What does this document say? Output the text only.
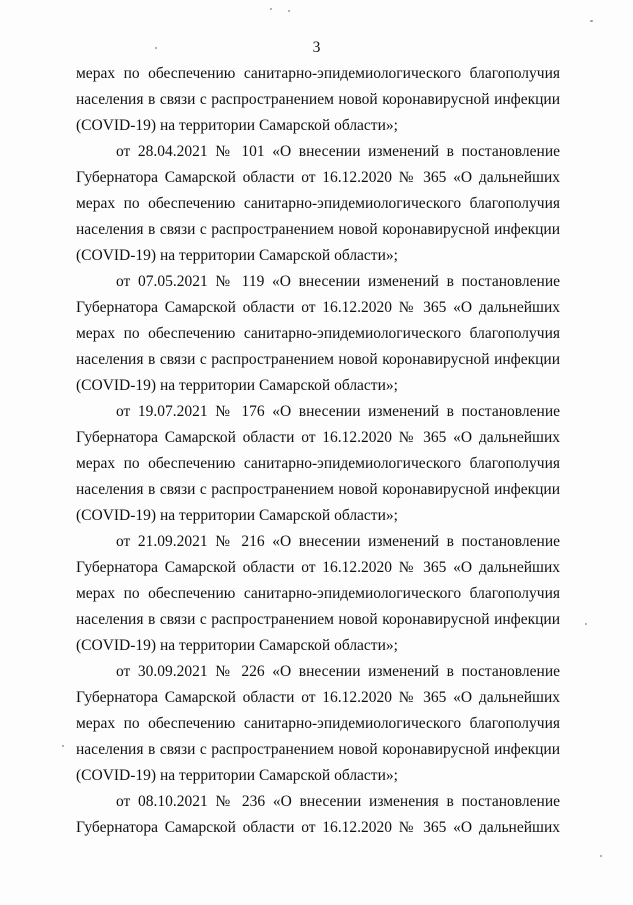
3
мерах по обеспечению санитарно-эпидемиологического благополучия
населения в связи с распространением новой коронавирусной инфекции
(COVID-19) на территории Самарской области»;
от 28.04.2021 № 101 «О внесении изменений в постановление
Губернатора Самарской области от 16.12.2020 № 365 «О дальнейших
мерах по обеспечению санитарно-эпидемиологического благополучия
населения в связи с распространением новой коронавирусной инфекции
(COVID-19) на территории Самарской области»;
от 07.05.2021 № 119 «О внесении изменений в постановление
Губернатора Самарской области от 16.12.2020 № 365 «О дальнейших
мерах по обеспечению санитарно-эпидемиологического благополучия
населения в связи с распространением новой коронавирусной инфекции
(COVID-19) на территории Самарской области»;
от 19.07.2021 № 176 «О внесении изменений в постановление
Губернатора Самарской области от 16.12.2020 № 365 «О дальнейших
мерах по обеспечению санитарно-эпидемиологического благополучия
населения в связи с распространением новой коронавирусной инфекции
(COVID-19) на территории Самарской области»;
от 21.09.2021 № 216 «О внесении изменений в постановление
Губернатора Самарской области от 16.12.2020 № 365 «О дальнейших
мерах по обеспечению санитарно-эпидемиологического благополучия
населения в связи с распространением новой коронавирусной инфекции
(COVID-19) на территории Самарской области»;
от 30.09.2021 № 226 «О внесении изменений в постановление
Губернатора Самарской области от 16.12.2020 № 365 «О дальнейших
мерах по обеспечению санитарно-эпидемиологического благополучия
населения в связи с распространением новой коронавирусной инфекции
(COVID-19) на территории Самарской области»;
от 08.10.2021 № 236 «О внесении изменения в постановление
Губернатора Самарской области от 16.12.2020 № 365 «О дальнейших
